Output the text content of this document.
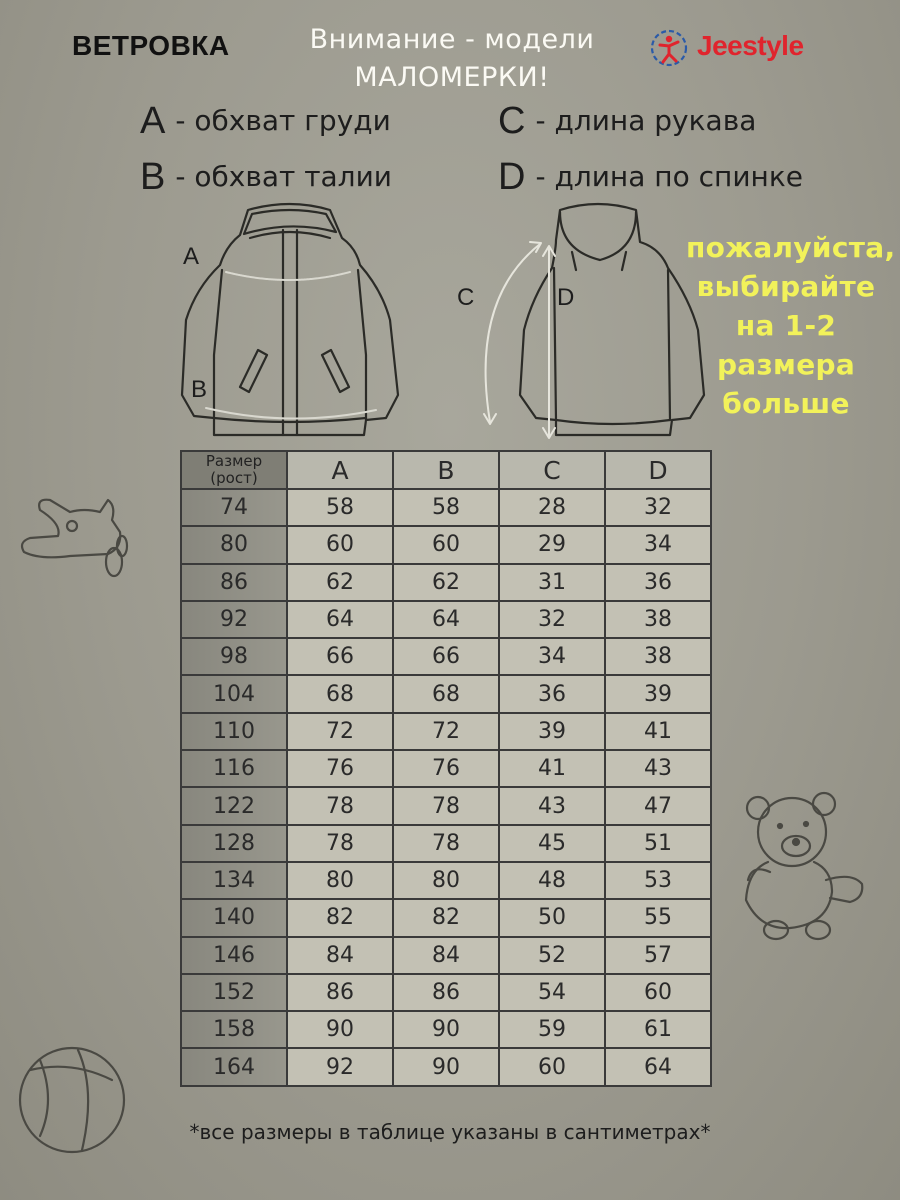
ВЕТРОВКА	Внимание - модели
МАЛОМЕРКИ!
Jeestyle
A - обхват груди
B - обхват талии
C - длина рукава
D - длина по спинке
A
B
C	D
пожалуйста,
выбирайте
на 1-2
размера
больше
Размер
(рост)	A	B	C	D
74	58	58	28	32
80	60	60	29	34
86	62	62	31	36
92	64	64	32	38
98	66	66	34	38
104	68	68	36	39
110	72	72	39	41
116	76	76	41	43
122	78	78	43	47
128	78	78	45	51
134	80	80	48	53
140	82	82	50	55
146	84	84	52	57
152	86	86	54	60
158	90	90	59	61
164	92	90	60	64
*все размеры в таблице указаны в сантиметрах*
